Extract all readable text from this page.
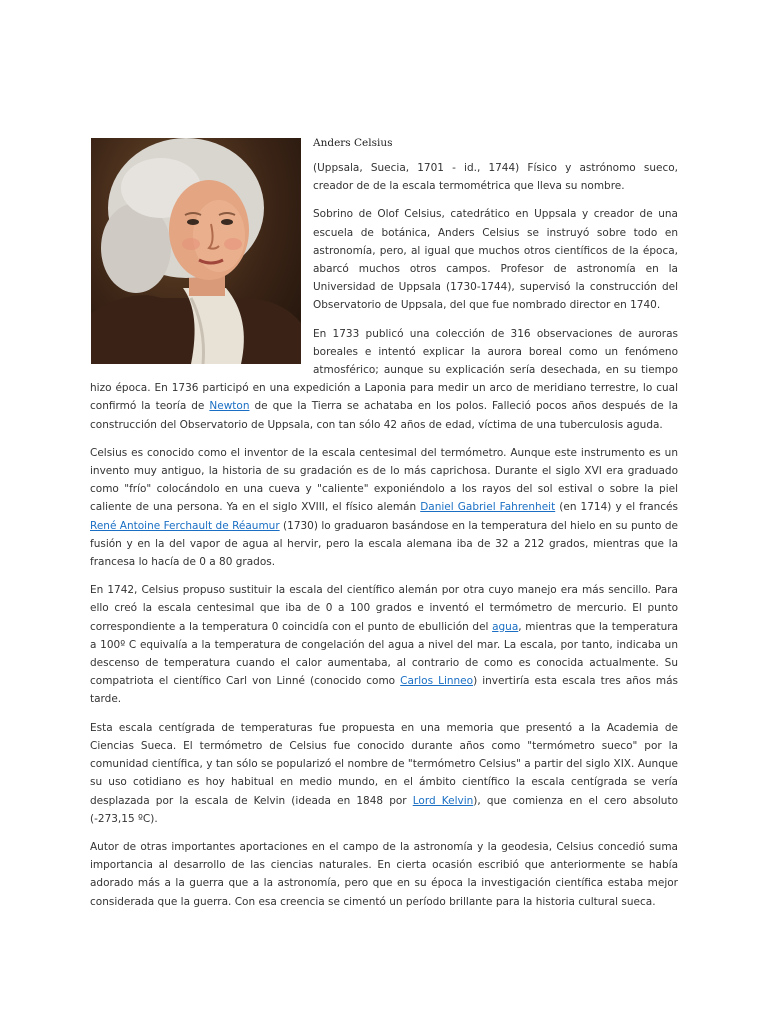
Anders Celsius

(Uppsala, Suecia, 1701 - id., 1744) Físico y astrónomo sueco, creador de de la escala termométrica que lleva su nombre.

Sobrino de Olof Celsius, catedrático en Uppsala y creador de una escuela de botánica, Anders Celsius se instruyó sobre todo en astronomía, pero, al igual que muchos otros científicos de la época, abarcó muchos otros campos. Profesor de astronomía en la Universidad de Uppsala (1730-1744), supervisó la construcción del Observatorio de Uppsala, del que fue nombrado director en 1740.

En 1733 publicó una colección de 316 observaciones de auroras boreales e intentó explicar la aurora boreal como un fenómeno atmosférico; aunque su explicación sería desechada, en su tiempo hizo época. En 1736 participó en una expedición a Laponia para medir un arco de meridiano terrestre, lo cual confirmó la teoría de Newton de que la Tierra se achataba en los polos. Falleció pocos años después de la construcción del Observatorio de Uppsala, con tan sólo 42 años de edad, víctima de una tuberculosis aguda.

Celsius es conocido como el inventor de la escala centesimal del termómetro. Aunque este instrumento es un invento muy antiguo, la historia de su gradación es de lo más caprichosa. Durante el siglo XVI era graduado como "frío" colocándolo en una cueva y "caliente" exponiéndolo a los rayos del sol estival o sobre la piel caliente de una persona. Ya en el siglo XVIII, el físico alemán Daniel Gabriel Fahrenheit (en 1714) y el francés René Antoine Ferchault de Réaumur (1730) lo graduaron basándose en la temperatura del hielo en su punto de fusión y en la del vapor de agua al hervir, pero la escala alemana iba de 32 a 212 grados, mientras que la francesa lo hacía de 0 a 80 grados.

En 1742, Celsius propuso sustituir la escala del científico alemán por otra cuyo manejo era más sencillo. Para ello creó la escala centesimal que iba de 0 a 100 grados e inventó el termómetro de mercurio. El punto correspondiente a la temperatura 0 coincidía con el punto de ebullición del agua, mientras que la temperatura a 100º C equivalía a la temperatura de congelación del agua a nivel del mar. La escala, por tanto, indicaba un descenso de temperatura cuando el calor aumentaba, al contrario de como es conocida actualmente. Su compatriota el científico Carl von Linné (conocido como Carlos Linneo) invertiría esta escala tres años más tarde.

Esta escala centígrada de temperaturas fue propuesta en una memoria que presentó a la Academia de Ciencias Sueca. El termómetro de Celsius fue conocido durante años como "termómetro sueco" por la comunidad científica, y tan sólo se popularizó el nombre de "termómetro Celsius" a partir del siglo XIX. Aunque su uso cotidiano es hoy habitual en medio mundo, en el ámbito científico la escala centígrada se vería desplazada por la escala de Kelvin (ideada en 1848 por Lord Kelvin), que comienza en el cero absoluto (-273,15 ºC).

Autor de otras importantes aportaciones en el campo de la astronomía y la geodesia, Celsius concedió suma importancia al desarrollo de las ciencias naturales. En cierta ocasión escribió que anteriormente se había adorado más a la guerra que a la astronomía, pero que en su época la investigación científica estaba mejor considerada que la guerra. Con esa creencia se cimentó un período brillante para la historia cultural sueca.
